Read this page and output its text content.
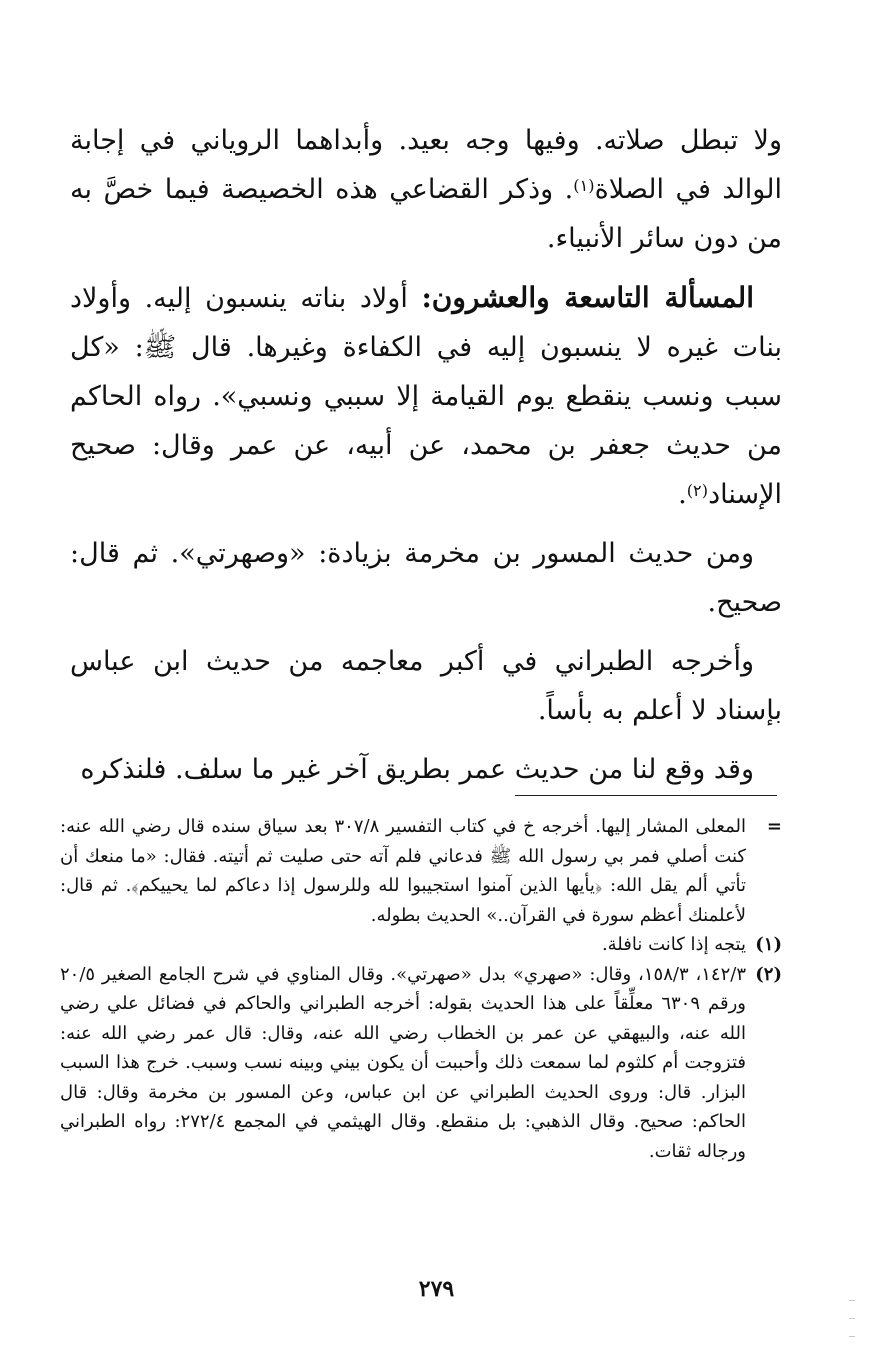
ولا تبطل صلاته. وفيها وجه بعيد. وأبداهما الروياني في إجابة الوالد في الصلاة$^{(١)}$. وذكر القضاعي هذه الخصيصة فيما خصَّ به من دون سائر الأنبياء.

المسألة التاسعة والعشرون: أولاد بناته ينسبون إليه. وأولاد بنات غيره لا ينسبون إليه في الكفاءة وغيرها. قال ﷺ: «كل سبب ونسب ينقطع يوم القيامة إلا سببي ونسبي». رواه الحاكم من حديث جعفر بن محمد، عن أبيه، عن عمر وقال: صحيح الإسناد$^{(٢)}$.

ومن حديث المسور بن مخرمة بزيادة: «وصهرتي». ثم قال: صحيح.

وأخرجه الطبراني في أكبر معاجمه من حديث ابن عباس بإسناد لا أعلم به بأساً.

وقد وقع لنا من حديث عمر بطريق آخر غير ما سلف. فلنذكره

=
المعلى المشار إليها. أخرجه خ في كتاب التفسير ٣٠٧/٨ بعد سياق سنده قال رضي الله عنه: كنت أصلي فمر بي رسول الله ﷺ فدعاني فلم آته حتى صليت ثم أتيته. فقال: «ما منعك أن تأتي ألم يقل الله: ﴿يأيها الذين آمنوا استجيبوا لله وللرسول إذا دعاكم لما يحييكم﴾. ثم قال: لأعلمنك أعظم سورة في القرآن..» الحديث بطوله.
(١)
يتجه إذا كانت نافلة.
(٢)
١٤٢/٣، ١٥٨/٣، وقال: «صهري» بدل «صهرتي». وقال المناوي في شرح الجامع الصغير ٢٠/٥ ورقم ٦٣٠٩ معلِّقاً على هذا الحديث بقوله: أخرجه الطبراني والحاكم في فضائل علي رضي الله عنه، والبيهقي عن عمر بن الخطاب رضي الله عنه، وقال: قال عمر رضي الله عنه: فتزوجت أم كلثوم لما سمعت ذلك وأحببت أن يكون بيني وبينه نسب وسبب. خرج هذا السبب البزار. قال: وروى الحديث الطبراني عن ابن عباس، وعن المسور بن مخرمة وقال: قال الحاكم: صحيح. وقال الذهبي: بل منقطع. وقال الهيثمي في المجمع ٢٧٢/٤: رواه الطبراني ورجاله ثقات.
٢٧٩
